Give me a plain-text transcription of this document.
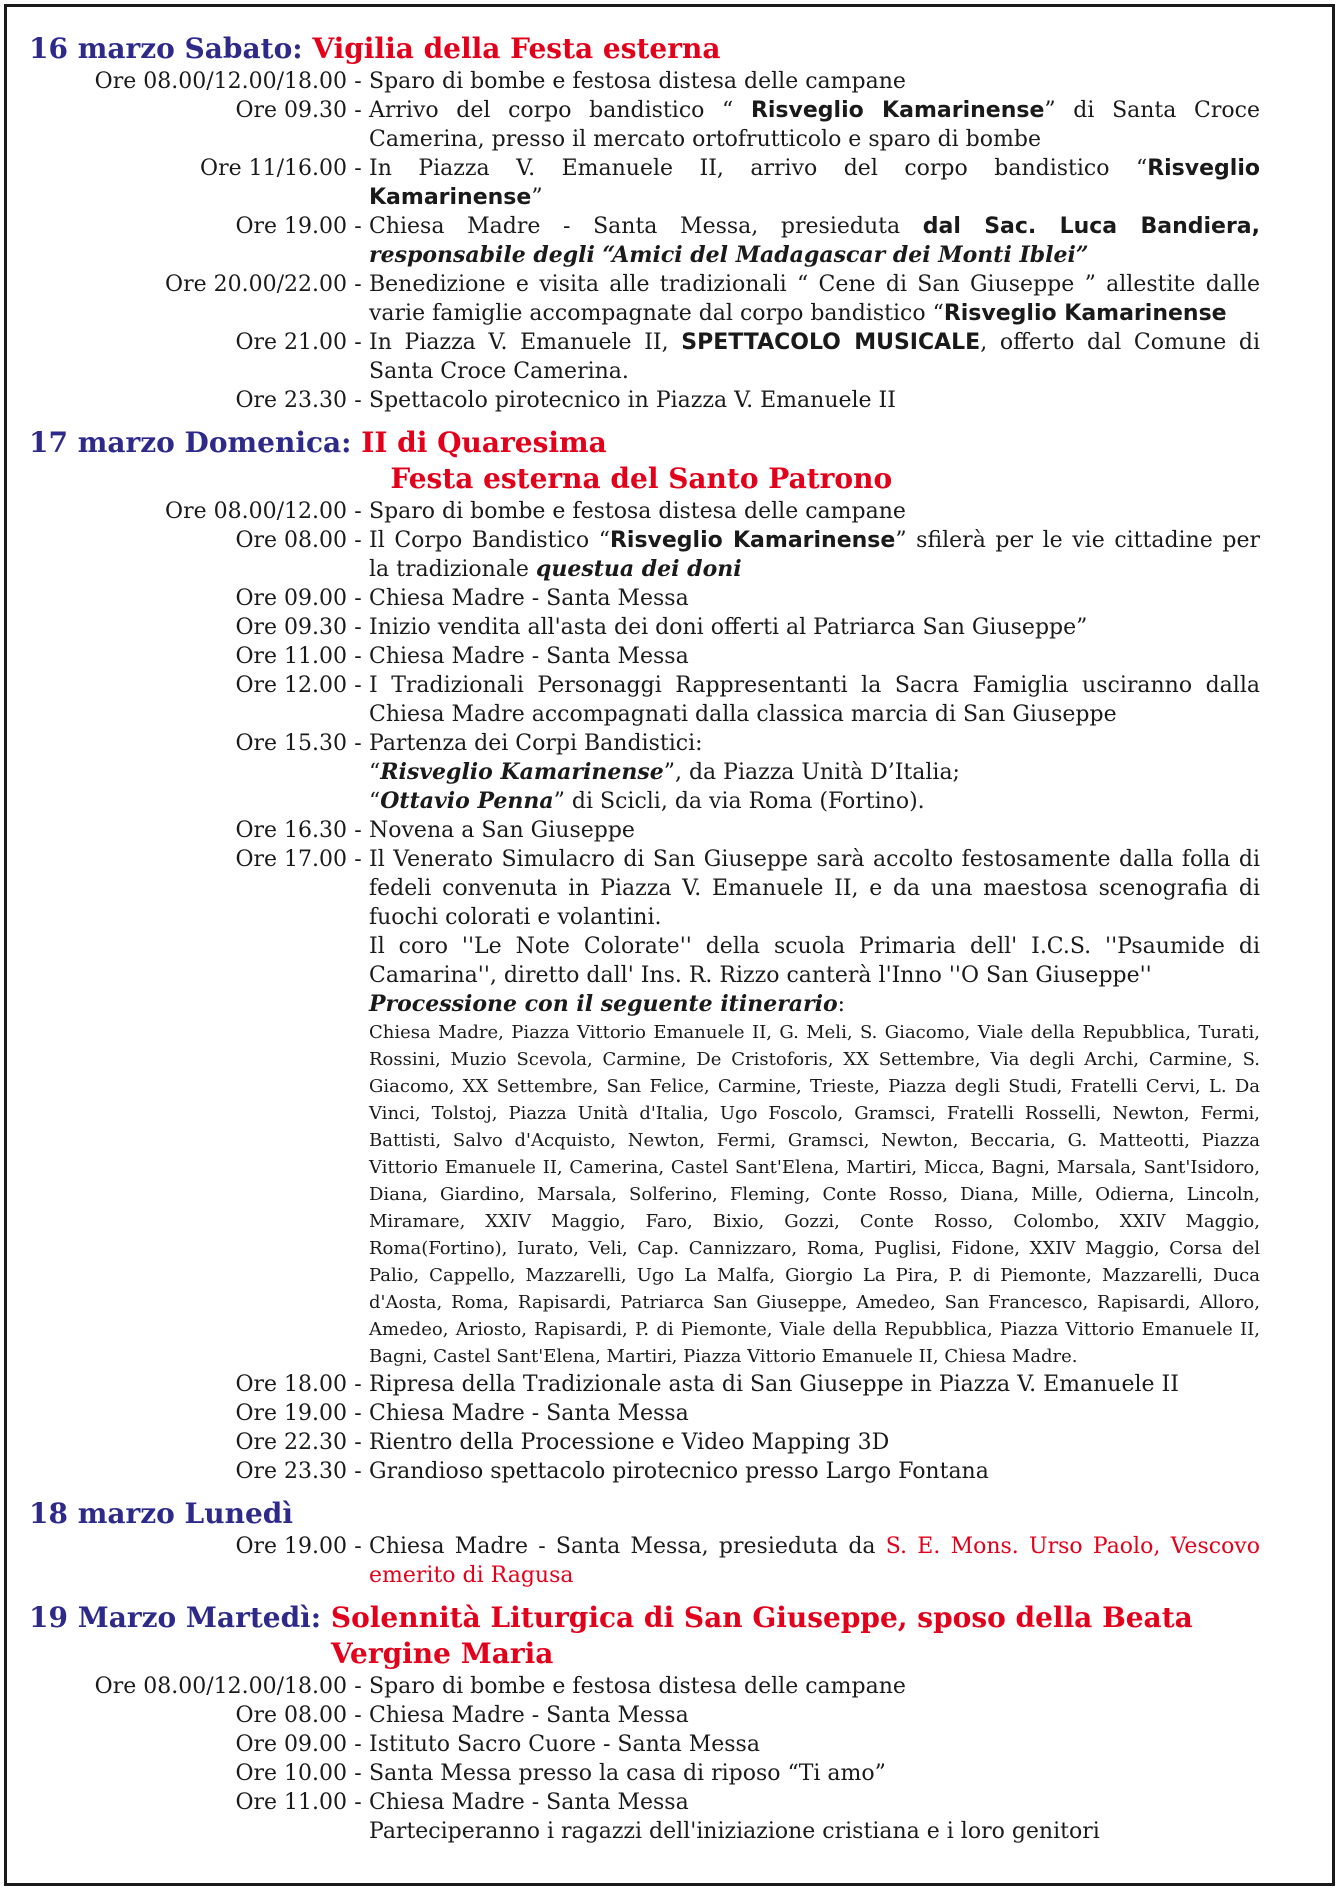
16 marzo Sabato:
Vigilia della Festa esterna
Ore 08.00/12.00/18.00 - Sparo di bombe e festosa distesa delle campane
Ore 09.30 - Arrivo del corpo bandistico “ Risveglio Kamarinense” di Santa Croce Camerina, presso il mercato ortofrutticolo e sparo di bombe
Ore 11/16.00 - In Piazza V. Emanuele II, arrivo del corpo bandistico “Risveglio Kamarinense”
Ore 19.00 - Chiesa Madre - Santa Messa, presieduta dal Sac. Luca Bandiera, responsabile degli “Amici del Madagascar dei Monti Iblei”
Ore 20.00/22.00 - Benedizione e visita alle tradizionali “ Cene di San Giuseppe ” allestite dalle varie famiglie accompagnate dal corpo bandistico “Risveglio Kamarinense
Ore 21.00 - In Piazza V. Emanuele II, SPETTACOLO MUSICALE, offerto dal Comune di Santa Croce Camerina.
Ore 23.30 - Spettacolo pirotecnico in Piazza V. Emanuele II
17 marzo Domenica:
II di Quaresima
Festa esterna del Santo Patrono
Ore 08.00/12.00 - Sparo di bombe e festosa distesa delle campane
Ore 08.00 - Il Corpo Bandistico “Risveglio Kamarinense” sfilerà per le vie cittadine per la tradizionale questua dei doni
Ore 09.00 - Chiesa Madre - Santa Messa
Ore 09.30 - Inizio vendita all'asta dei doni offerti al Patriarca San Giuseppe”
Ore 11.00 - Chiesa Madre - Santa Messa
Ore 12.00 - I Tradizionali Personaggi Rappresentanti la Sacra Famiglia usciranno dalla Chiesa Madre accompagnati dalla classica marcia di San Giuseppe
Ore 15.30 - Partenza dei Corpi Bandistici:
“Risveglio Kamarinense”, da Piazza Unità D’Italia;
“Ottavio Penna” di Scicli, da via Roma (Fortino).
Ore 16.30 - Novena a San Giuseppe
Ore 17.00 - Il Venerato Simulacro di San Giuseppe sarà accolto festosamente dalla folla di fedeli convenuta in Piazza V. Emanuele II, e da una maestosa scenografia di fuochi colorati e volantini.
Il coro ''Le Note Colorate'' della scuola Primaria dell' I.C.S. ''Psaumide di Camarina'', diretto dall' Ins. R. Rizzo canterà l'Inno ''O San Giuseppe''
Processione con il seguente itinerario:
Chiesa Madre, Piazza Vittorio Emanuele II, G. Meli, S. Giacomo, Viale della Repubblica, Turati, Rossini, Muzio Scevola, Carmine, De Cristoforis, XX Settembre, Via degli Archi, Carmine, S. Giacomo, XX Settembre, San Felice, Carmine, Trieste, Piazza degli Studi, Fratelli Cervi, L. Da Vinci, Tolstoj, Piazza Unità d'Italia, Ugo Foscolo, Gramsci, Fratelli Rosselli, Newton, Fermi, Battisti, Salvo d'Acquisto, Newton, Fermi, Gramsci, Newton, Beccaria, G. Matteotti, Piazza Vittorio Emanuele II, Camerina, Castel Sant'Elena, Martiri, Micca, Bagni, Marsala, Sant'Isidoro, Diana, Giardino, Marsala, Solferino, Fleming, Conte Rosso, Diana, Mille, Odierna, Lincoln, Miramare, XXIV Maggio, Faro, Bixio, Gozzi, Conte Rosso, Colombo, XXIV Maggio, Roma(Fortino), Iurato, Veli, Cap. Cannizzaro, Roma, Puglisi, Fidone, XXIV Maggio, Corsa del Palio, Cappello, Mazzarelli, Ugo La Malfa, Giorgio La Pira, P. di Piemonte, Mazzarelli, Duca d'Aosta, Roma, Rapisardi, Patriarca San Giuseppe, Amedeo, San Francesco, Rapisardi, Alloro, Amedeo, Ariosto, Rapisardi, P. di Piemonte, Viale della Repubblica, Piazza Vittorio Emanuele II, Bagni, Castel Sant'Elena, Martiri, Piazza Vittorio Emanuele II, Chiesa Madre.
Ore 18.00 - Ripresa della Tradizionale asta di San Giuseppe in Piazza V. Emanuele II
Ore 19.00 - Chiesa Madre - Santa Messa
Ore 22.30 - Rientro della Processione e Video Mapping 3D
Ore 23.30 - Grandioso spettacolo pirotecnico presso Largo Fontana
18 marzo Lunedì
Ore 19.00 - Chiesa Madre - Santa Messa, presieduta da S. E. Mons. Urso Paolo, Vescovo emerito di Ragusa
19 Marzo Martedì:
Solennità Liturgica di San Giuseppe, sposo della Beata
Vergine Maria
Ore 08.00/12.00/18.00 - Sparo di bombe e festosa distesa delle campane
Ore 08.00 - Chiesa Madre - Santa Messa
Ore 09.00 - Istituto Sacro Cuore - Santa Messa
Ore 10.00 - Santa Messa presso la casa di riposo “Ti amo”
Ore 11.00 - Chiesa Madre - Santa Messa
Parteciperanno i ragazzi dell'iniziazione cristiana e i loro genitori
